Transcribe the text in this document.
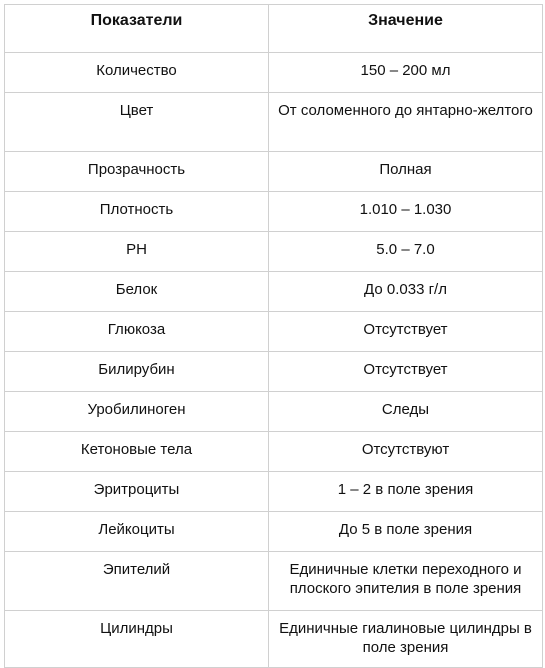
Показатели	Значение
Количество	150 – 200 мл
Цвет	От соломенного до янтарно-желтого
Прозрачность	Полная
Плотность	1.010 – 1.030
PH	5.0 – 7.0
Белок	До 0.033 г/л
Глюкоза	Отсутствует
Билирубин	Отсутствует
Уробилиноген	Следы
Кетоновые тела	Отсутствуют
Эритроциты	1 – 2 в поле зрения
Лейкоциты	До 5 в поле зрения
Эпителий	Единичные клетки переходного и плоского эпителия в поле зрения
Цилиндры	Единичные гиалиновые цилиндры в поле зрения
